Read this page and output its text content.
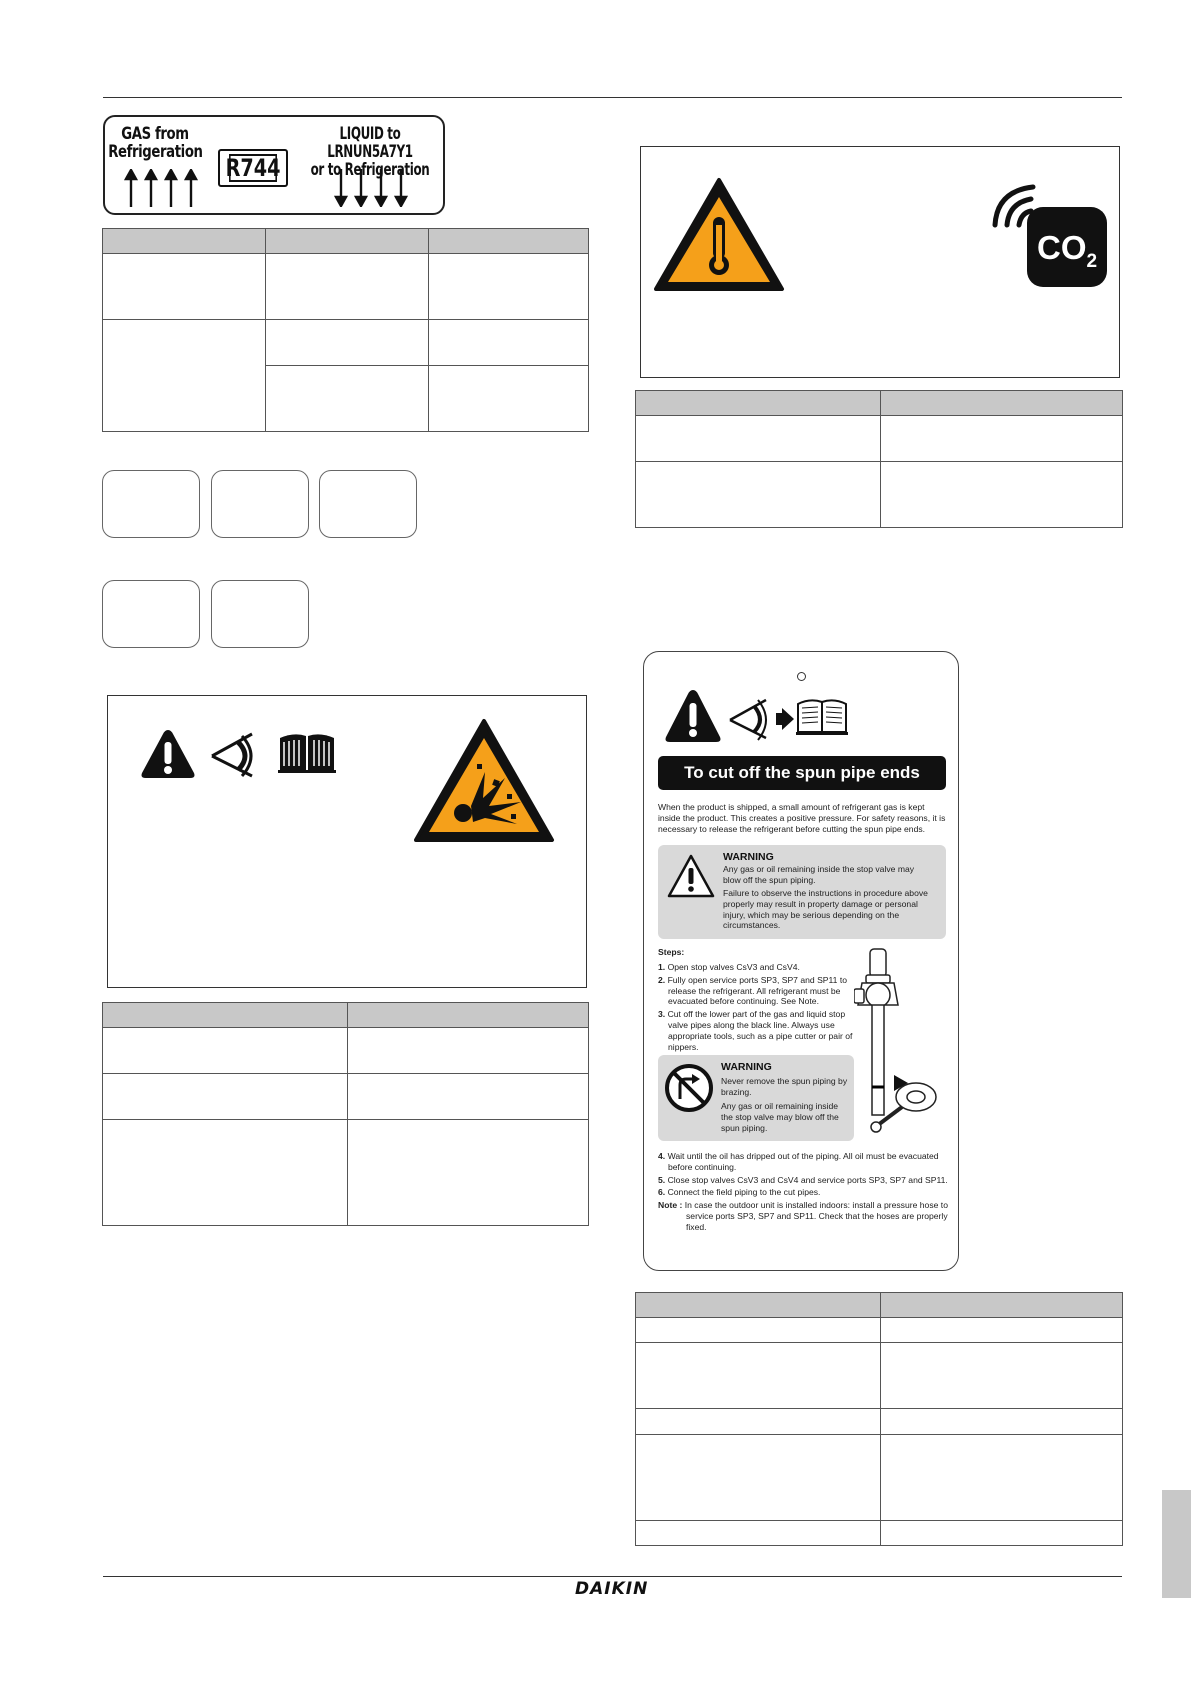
GAS from
Refrigeration
R744
LIQUID to LRNUN5A7Y1
or to Refrigeration

$CO_2$

To cut off the spun pipe ends

When the product is shipped, a small amount of refrigerant gas is kept inside the product. This creates a positive pressure. For safety reasons, it is necessary to release the refrigerant before cutting the spun pipe ends.

WARNING

Any gas or oil remaining inside the stop valve may blow off the spun piping.

Failure to observe the instructions in procedure above properly may result in property damage or personal injury, which may be serious depending on the circumstances.

Steps:

1. Open stop valves CsV3 and CsV4.

2. Fully open service ports SP3, SP7 and SP11 to release the refrigerant. All refrigerant must be evacuated before continuing. See Note.

3. Cut off the lower part of the gas and liquid stop valve pipes along the black line. Always use appropriate tools, such as a pipe cutter or pair of nippers.

WARNING

Never remove the spun piping by brazing.

Any gas or oil remaining inside the stop valve may blow off the spun piping.

4. Wait until the oil has dripped out of the piping. All oil must be evacuated before continuing.

5. Close stop valves CsV3 and CsV4 and service ports SP3, SP7 and SP11.

6. Connect the field piping to the cut pipes.

Note : In case the outdoor unit is installed indoors: install a pressure hose to service ports SP3, SP7 and SP11. Check that the hoses are properly fixed.

DAIKIN
